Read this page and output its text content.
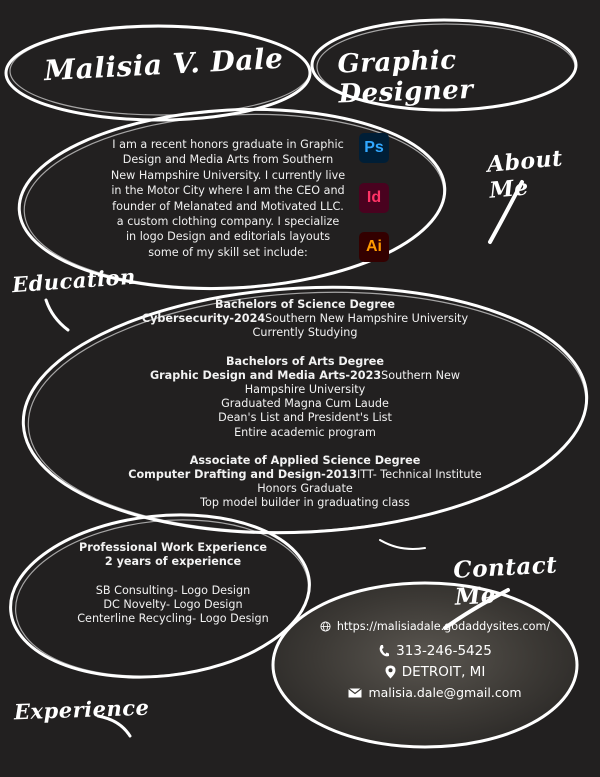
Malisia V. Dale Graphic Designer
About Me
Education
Contact Me
Experience
I am a recent honors graduate in Graphic Design and Media Arts from Southern New Hampshire University. I currently live in the Motor City where I am the CEO and founder of Melanated and Motivated LLC. a custom clothing company. I specialize in logo Design and editorials layouts some of my skill set include:
Ps
Id
Ai
Bachelors of Science Degree
Cybersecurity-2024Southern New Hampshire University
Currently Studying
Bachelors of Arts Degree
Graphic Design and Media Arts-2023Southern New Hampshire University
Graduated Magna Cum Laude
Dean's List and President's List
Entire academic program
Associate of Applied Science Degree
Computer Drafting and Design-2013ITT- Technical Institute
Honors Graduate
Top model builder in graduating class
Professional Work Experience
2 years of experience
SB Consulting- Logo Design
DC Novelty- Logo Design
Centerline Recycling- Logo Design
https://malisiadale.godaddysites.com/
313-246-5425
DETROIT, MI
malisia.dale@gmail.com
